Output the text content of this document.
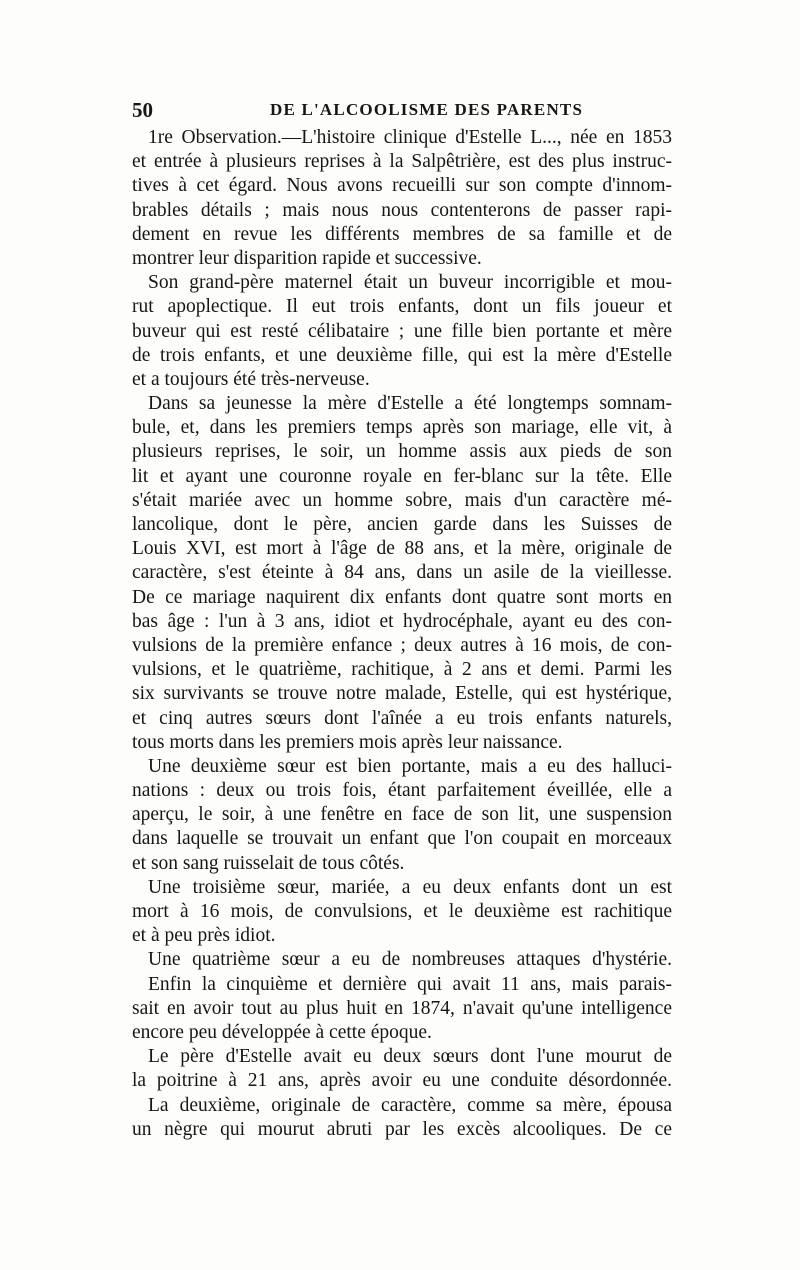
50	DE L'ALCOOLISME DES PARENTS
1re Observation.—L'histoire clinique d'Estelle L..., née en 1853
et entrée à plusieurs reprises à la Salpêtrière, est des plus instruc-
tives à cet égard. Nous avons recueilli sur son compte d'innom-
brables détails ; mais nous nous contenterons de passer rapi-
dement en revue les différents membres de sa famille et de
montrer leur disparition rapide et successive.
Son grand-père maternel était un buveur incorrigible et mou-
rut apoplectique. Il eut trois enfants, dont un fils joueur et
buveur qui est resté célibataire ; une fille bien portante et mère
de trois enfants, et une deuxième fille, qui est la mère d'Estelle
et a toujours été très-nerveuse.
Dans sa jeunesse la mère d'Estelle a été longtemps somnam-
bule, et, dans les premiers temps après son mariage, elle vit, à
plusieurs reprises, le soir, un homme assis aux pieds de son
lit et ayant une couronne royale en fer-blanc sur la tête. Elle
s'était mariée avec un homme sobre, mais d'un caractère mé-
lancolique, dont le père, ancien garde dans les Suisses de
Louis XVI, est mort à l'âge de 88 ans, et la mère, originale de
caractère, s'est éteinte à 84 ans, dans un asile de la vieillesse.
De ce mariage naquirent dix enfants dont quatre sont morts en
bas âge : l'un à 3 ans, idiot et hydrocéphale, ayant eu des con-
vulsions de la première enfance ; deux autres à 16 mois, de con-
vulsions, et le quatrième, rachitique, à 2 ans et demi. Parmi les
six survivants se trouve notre malade, Estelle, qui est hystérique,
et cinq autres sœurs dont l'aînée a eu trois enfants naturels,
tous morts dans les premiers mois après leur naissance.
Une deuxième sœur est bien portante, mais a eu des halluci-
nations : deux ou trois fois, étant parfaitement éveillée, elle a
aperçu, le soir, à une fenêtre en face de son lit, une suspension
dans laquelle se trouvait un enfant que l'on coupait en morceaux
et son sang ruisselait de tous côtés.
Une troisième sœur, mariée, a eu deux enfants dont un est
mort à 16 mois, de convulsions, et le deuxième est rachitique
et à peu près idiot.
Une quatrième sœur a eu de nombreuses attaques d'hystérie.
Enfin la cinquième et dernière qui avait 11 ans, mais parais-
sait en avoir tout au plus huit en 1874, n'avait qu'une intelligence
encore peu développée à cette époque.
Le père d'Estelle avait eu deux sœurs dont l'une mourut de
la poitrine à 21 ans, après avoir eu une conduite désordonnée.
La deuxième, originale de caractère, comme sa mère, épousa
un nègre qui mourut abruti par les excès alcooliques. De ce
